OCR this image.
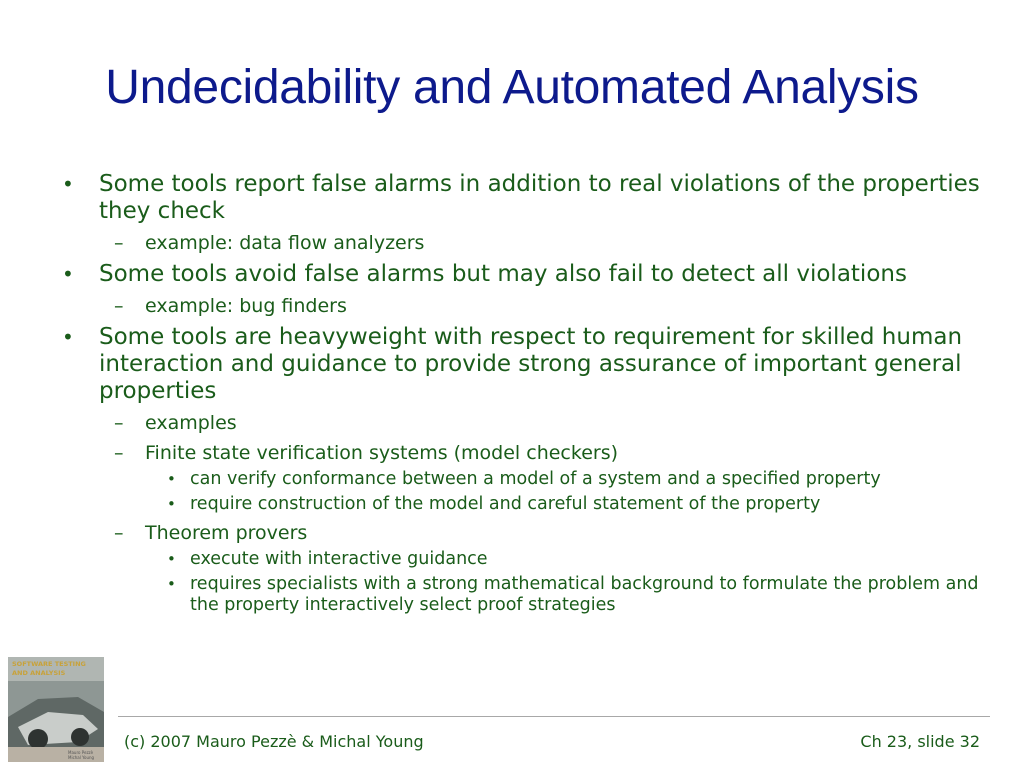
Undecidability and Automated Analysis
• Some tools report false alarms in addition to real violations of the properties they check
– example: data flow analyzers
• Some tools avoid false alarms but may also fail to detect all violations
– example: bug finders
• Some tools are heavyweight with respect to requirement for skilled human interaction and guidance to provide strong assurance of important general properties
– examples
– Finite state verification systems (model checkers)
• can verify conformance between a model of a system and a specified property
• require construction of the model and careful statement of the property
– Theorem provers
• execute with interactive guidance
• requires specialists with a strong mathematical background to formulate the problem and the property interactively select proof strategies
SOFTWARE TESTING
AND ANALYSIS
Mauro Pezzè
Michal Young
(c) 2007 Mauro Pezzè & Michal Young	Ch 23, slide 32
